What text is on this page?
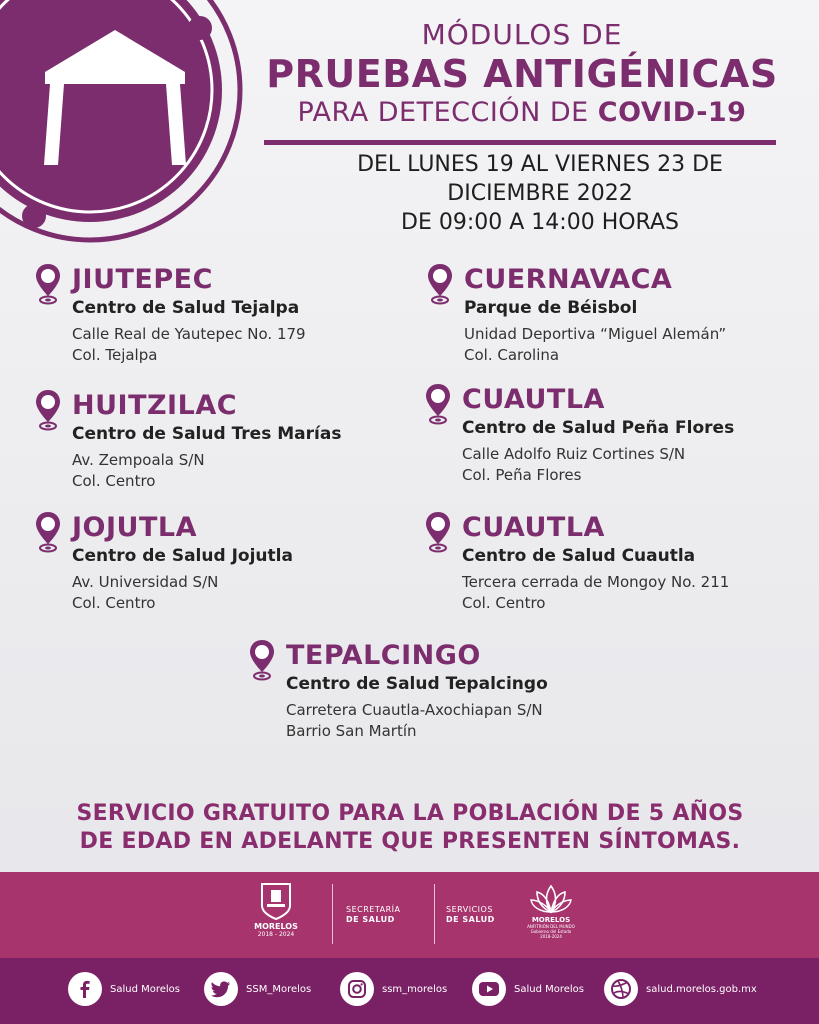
MÓDULOS DE
PRUEBAS ANTIGÉNICAS
PARA DETECCIÓN DE COVID-19
DEL LUNES 19 AL VIERNES 23 DE
DICIEMBRE 2022
DE 09:00 A 14:00 HORAS
JIUTEPEC
Centro de Salud Tejalpa
Calle Real de Yautepec No. 179
Col. Tejalpa
CUERNAVACA
Parque de Béisbol
Unidad Deportiva “Miguel Alemán”
Col. Carolina
HUITZILAC
Centro de Salud Tres Marías
Av. Zempoala S/N
Col. Centro
CUAUTLA
Centro de Salud Peña Flores
Calle Adolfo Ruiz Cortines S/N
Col. Peña Flores
JOJUTLA
Centro de Salud Jojutla
Av. Universidad S/N
Col. Centro
CUAUTLA
Centro de Salud Cuautla
Tercera cerrada de Mongoy No. 211
Col. Centro
TEPALCINGO
Centro de Salud Tepalcingo
Carretera Cuautla-Axochiapan S/N
Barrio San Martín
SERVICIO GRATUITO PARA LA POBLACIÓN DE 5 AÑOS
DE EDAD EN ADELANTE QUE PRESENTEN SÍNTOMAS.
MORELOS
2018 - 2024
SECRETARÍA
DE SALUD
SERVICIOS
DE SALUD	MORELOS
ANFITRIÓN DEL MUNDO
Gobierno del Estado
2018-2024
Salud Morelos	SSM_Morelos	ssm_morelos	Salud Morelos	salud.morelos.gob.mx
